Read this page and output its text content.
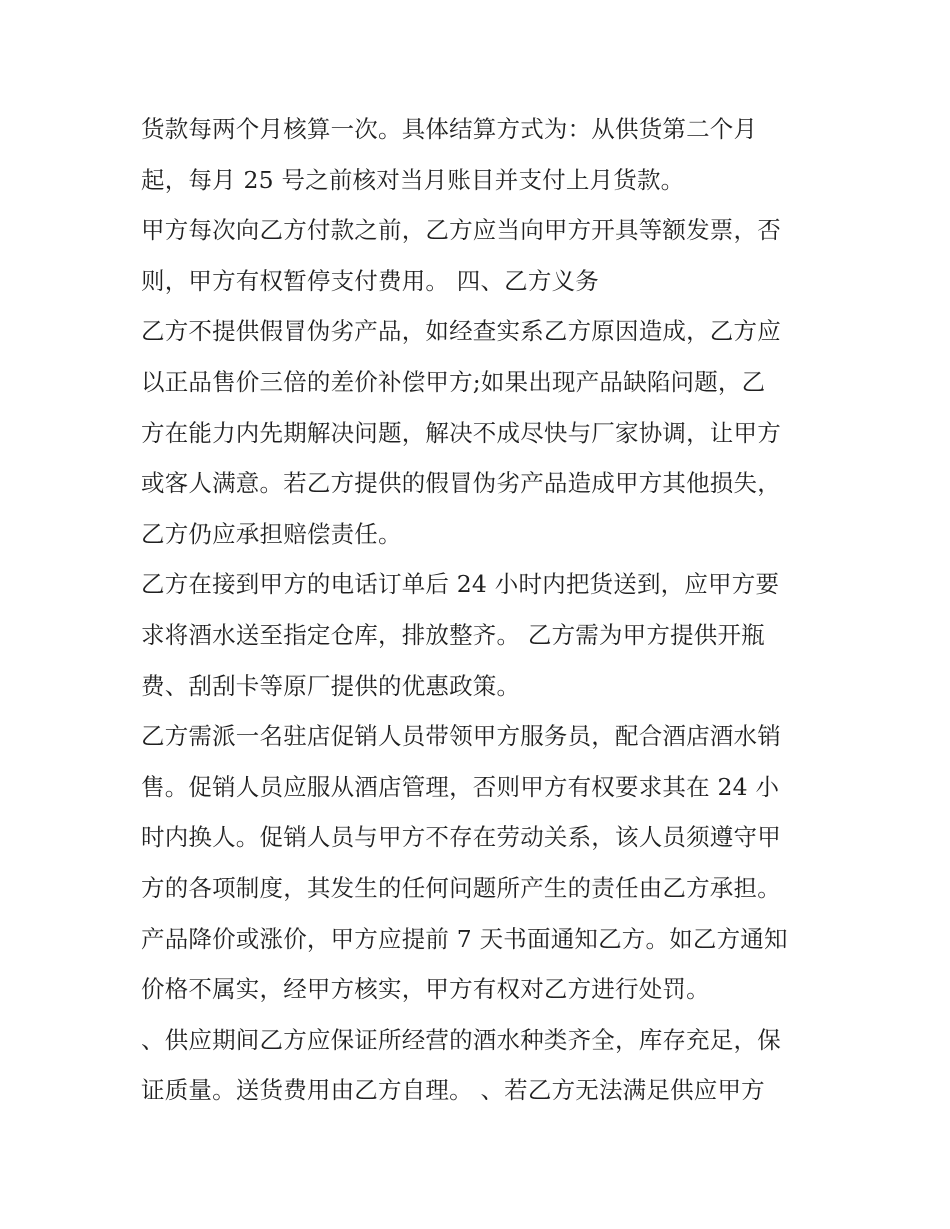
货款每两个月核算一次。具体结算方式为：从供货第二个月
起，每月 25 号之前核对当月账目并支付上月货款。
甲方每次向乙方付款之前，乙方应当向甲方开具等额发票，否
则，甲方有权暂停支付费用。 四、乙方义务
乙方不提供假冒伪劣产品，如经查实系乙方原因造成，乙方应
以正品售价三倍的差价补偿甲方;如果出现产品缺陷问题，乙
方在能力内先期解决问题，解决不成尽快与厂家协调，让甲方
或客人满意。若乙方提供的假冒伪劣产品造成甲方其他损失，
乙方仍应承担赔偿责任。
乙方在接到甲方的电话订单后 24 小时内把货送到，应甲方要
求将酒水送至指定仓库，排放整齐。 乙方需为甲方提供开瓶
费、刮刮卡等原厂提供的优惠政策。
乙方需派一名驻店促销人员带领甲方服务员，配合酒店酒水销
售。促销人员应服从酒店管理，否则甲方有权要求其在 24 小
时内换人。促销人员与甲方不存在劳动关系，该人员须遵守甲
方的各项制度，其发生的任何问题所产生的责任由乙方承担。
产品降价或涨价，甲方应提前 7 天书面通知乙方。如乙方通知
价格不属实，经甲方核实，甲方有权对乙方进行处罚。
、供应期间乙方应保证所经营的酒水种类齐全，库存充足，保
证质量。送货费用由乙方自理。 、若乙方无法满足供应甲方
